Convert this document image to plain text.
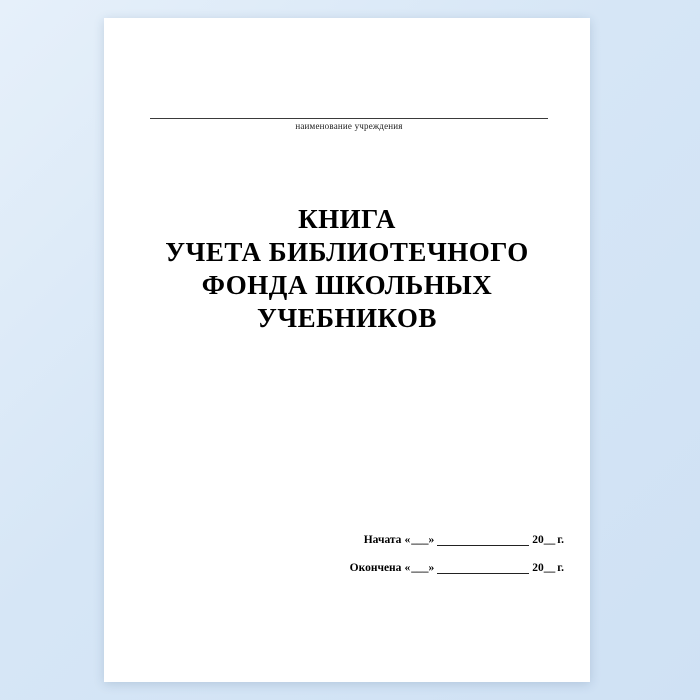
наименование учреждения
КНИГА
УЧЕТА БИБЛИОТЕЧНОГО
ФОНДА ШКОЛЬНЫХ
УЧЕБНИКОВ
Начата « ___ »	20 __ г.
Окончена « ___ »	20 __ г.
